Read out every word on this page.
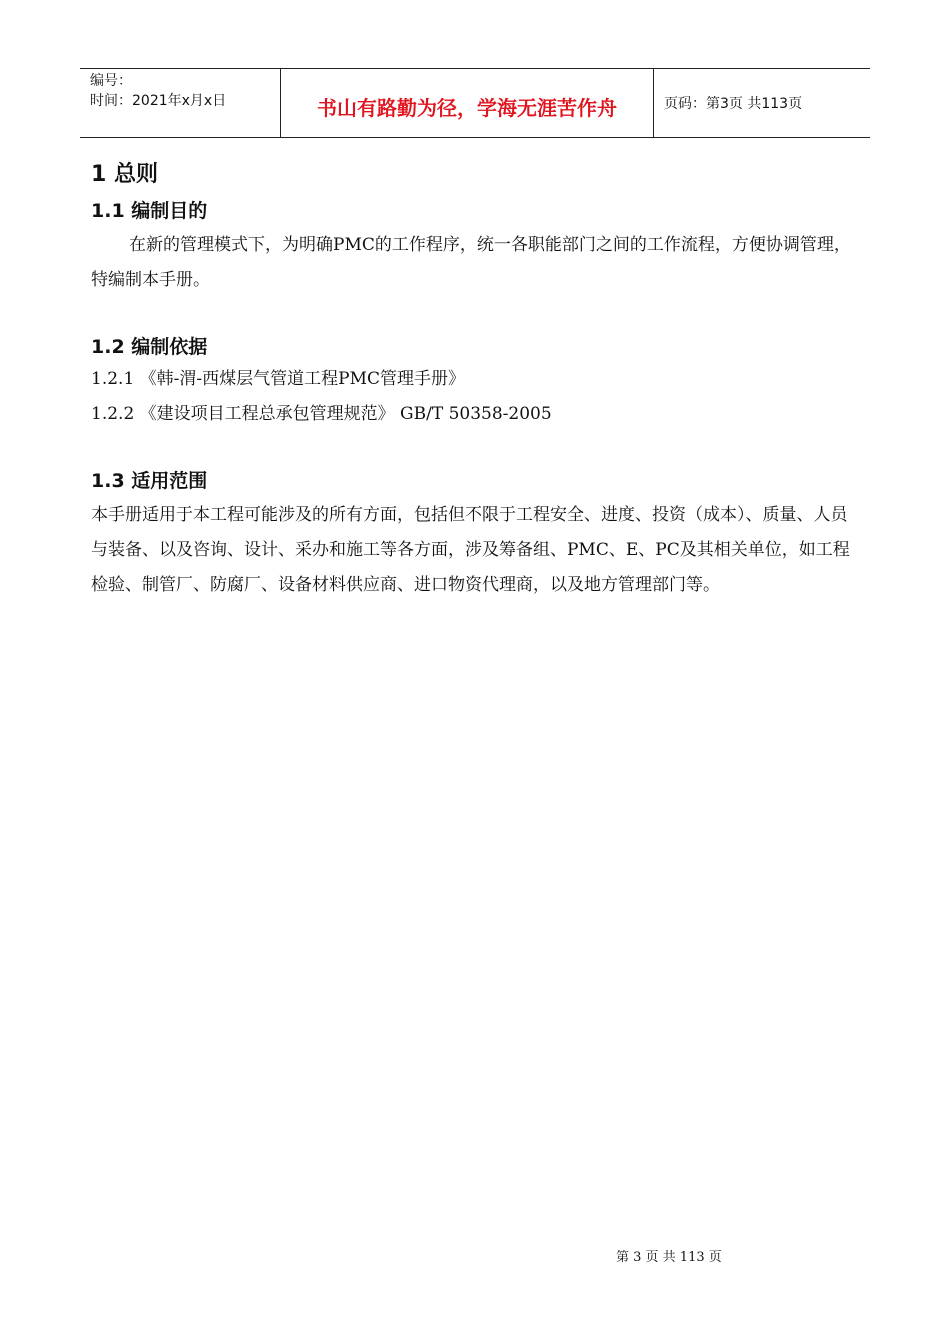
编号：
时间：2021年x月x日	书山有路勤为径，学海无涯苦作舟	页码：第3页 共113页
1 总则
1.1 编制目的

在新的管理模式下，为明确PMC的工作程序，统一各职能部门之间的工作流程，方便协调管理，特编制本手册。

1.2 编制依据

1.2.1 《韩-渭-西煤层气管道工程PMC管理手册》

1.2.2 《建设项目工程总承包管理规范》 GB/T 50358-2005

1.3 适用范围

本手册适用于本工程可能涉及的所有方面，包括但不限于工程安全、进度、投资（成本）、质量、人员与装备、以及咨询、设计、采办和施工等各方面，涉及筹备组、PMC、E、PC及其相关单位，如工程检验、制管厂、防腐厂、设备材料供应商、进口物资代理商，以及地方管理部门等。

第 3 页 共 113 页
